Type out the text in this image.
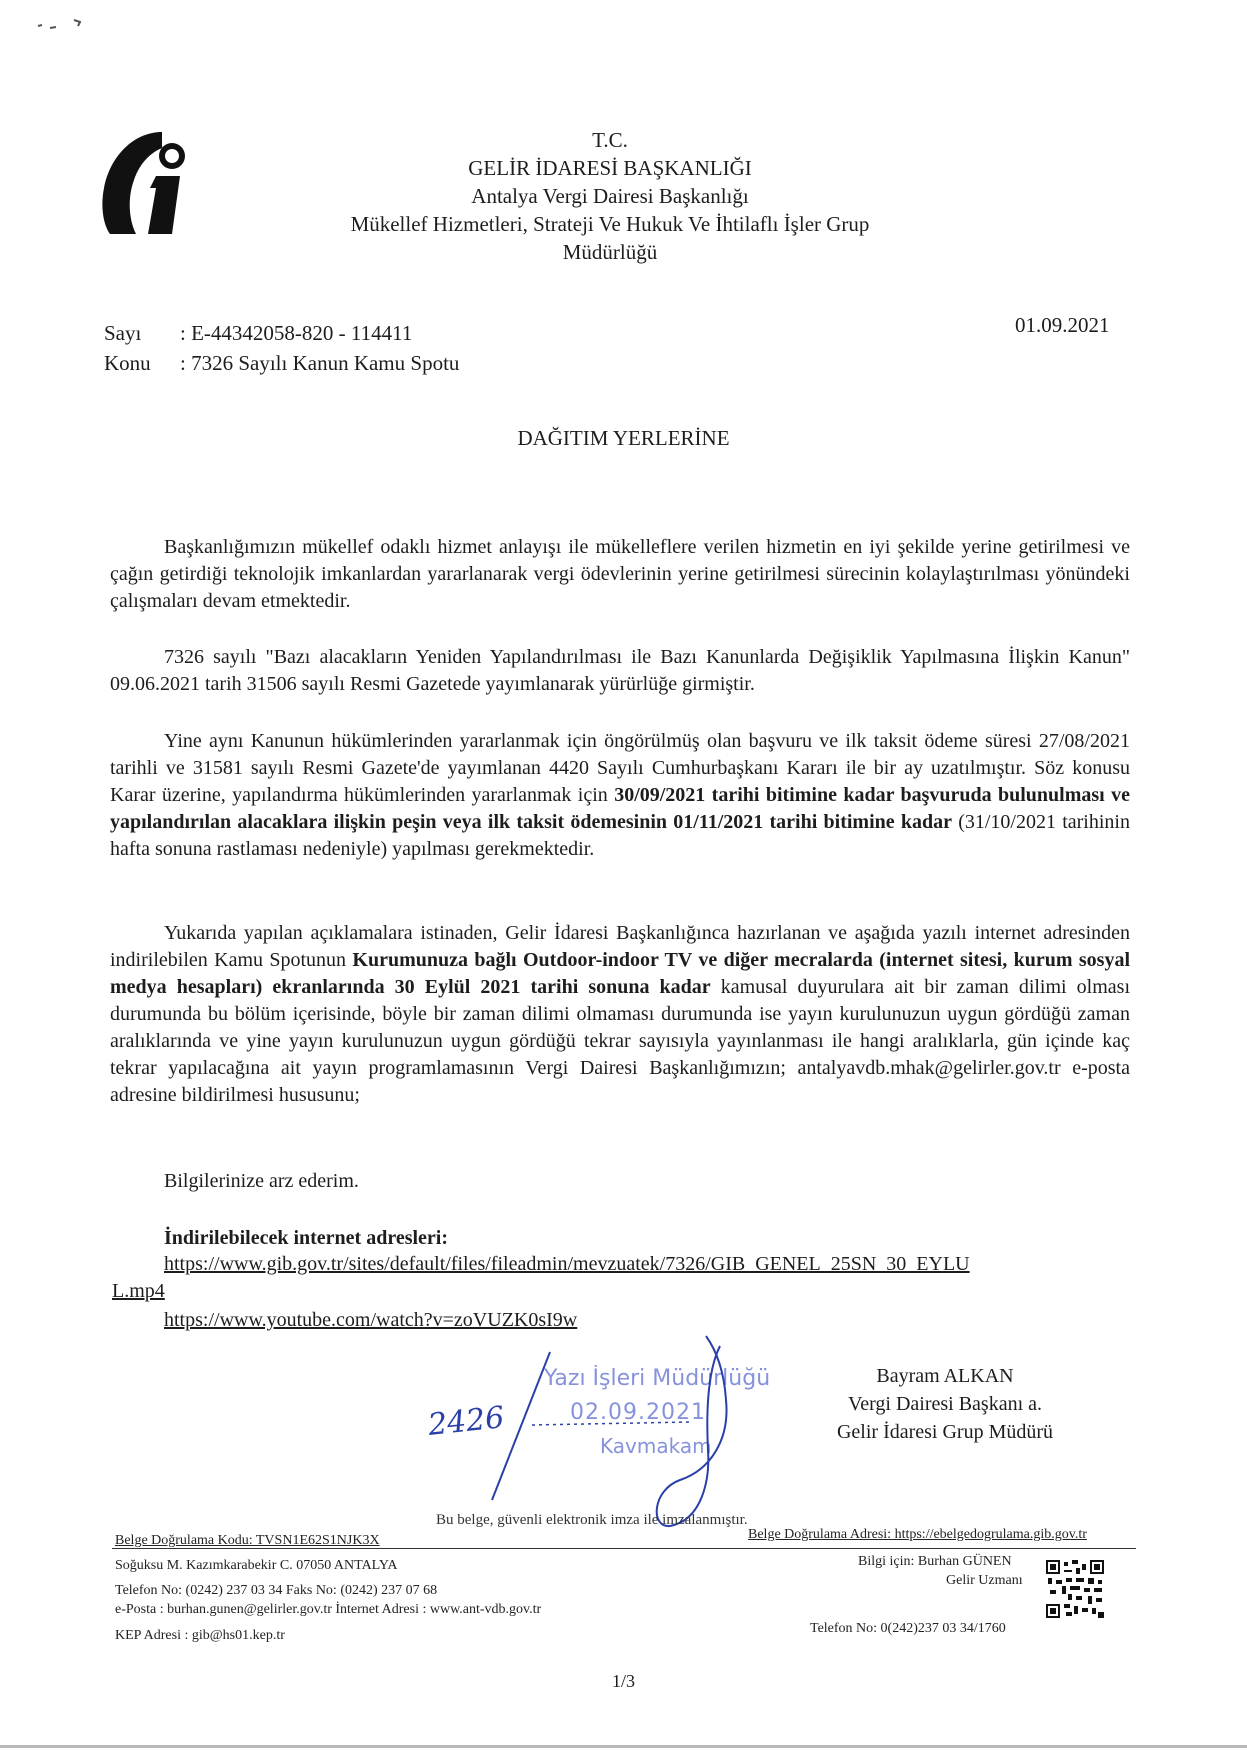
T.C.
GELİR İDARESİ BAŞKANLIĞI
Antalya Vergi Dairesi Başkanlığı
Mükellef Hizmetleri, Strateji Ve Hukuk Ve İhtilaflı İşler Grup
Müdürlüğü
Sayı	: E-44342058-820 - 114411
Konu	: 7326 Sayılı Kanun Kamu Spotu
01.09.2021
DAĞITIM YERLERİNE
Başkanlığımızın mükellef odaklı hizmet anlayışı ile mükelleflere verilen hizmetin en iyi şekilde yerine getirilmesi ve çağın getirdiği teknolojik imkanlardan yararlanarak vergi ödevlerinin yerine getirilmesi sürecinin kolaylaştırılması yönündeki çalışmaları devam etmektedir.
7326 sayılı "Bazı alacakların Yeniden Yapılandırılması ile Bazı Kanunlarda Değişiklik Yapılmasına İlişkin Kanun" 09.06.2021 tarih 31506 sayılı Resmi Gazetede yayımlanarak yürürlüğe girmiştir.
Yine aynı Kanunun hükümlerinden yararlanmak için öngörülmüş olan başvuru ve ilk taksit ödeme süresi 27/08/2021 tarihli ve 31581 sayılı Resmi Gazete'de yayımlanan 4420 Sayılı Cumhurbaşkanı Kararı ile bir ay uzatılmıştır. Söz konusu Karar üzerine, yapılandırma hükümlerinden yararlanmak için 30/09/2021 tarihi bitimine kadar başvuruda bulunulması ve yapılandırılan alacaklara ilişkin peşin veya ilk taksit ödemesinin 01/11/2021 tarihi bitimine kadar (31/10/2021 tarihinin hafta sonuna rastlaması nedeniyle) yapılması gerekmektedir.
Yukarıda yapılan açıklamalara istinaden, Gelir İdaresi Başkanlığınca hazırlanan ve aşağıda yazılı internet adresinden indirilebilen Kamu Spotunun Kurumunuza bağlı Outdoor-indoor TV ve diğer mecralarda (internet sitesi, kurum sosyal medya hesapları) ekranlarında 30 Eylül 2021 tarihi sonuna kadar kamusal duyurulara ait bir zaman dilimi olması durumunda bu bölüm içerisinde, böyle bir zaman dilimi olmaması durumunda ise yayın kurulunuzun uygun gördüğü zaman aralıklarında ve yine yayın kurulunuzun uygun gördüğü tekrar sayısıyla yayınlanması ile hangi aralıklarla, gün içinde kaç tekrar yapılacağına ait yayın programlamasının Vergi Dairesi Başkanlığımızın; antalyavdb.mhak@gelirler.gov.tr e-posta adresine bildirilmesi hususunu;
Bilgilerinize arz ederim.
İndirilebilecek internet adresleri:
https://www.gib.gov.tr/sites/default/files/fileadmin/mevzuatek/7326/GIB_GENEL_25SN_30_EYLU
L.mp4
https://www.youtube.com/watch?v=zoVUZK0sI9w
2426
Yazı İşleri Müdürlüğü
02.09.2021
Kavmakam
Bayram ALKAN
Vergi Dairesi Başkanı a.
Gelir İdaresi Grup Müdürü
Bu belge, güvenli elektronik imza ile imzalanmıştır.
Belge Doğrulama Kodu: TVSN1E62S1NJK3X	Belge Doğrulama Adresi: https://ebelgedogrulama.gib.gov.tr
Soğuksu M. Kazımkarabekir C. 07050 ANTALYA
Telefon No: (0242) 237 03 34 Faks No: (0242) 237 07 68
e-Posta : burhan.gunen@gelirler.gov.tr İnternet Adresi : www.ant-vdb.gov.tr
KEP Adresi : gib@hs01.kep.tr
Bilgi için: Burhan GÜNEN
Gelir Uzmanı
Telefon No: 0(242)237 03 34/1760
1/3
